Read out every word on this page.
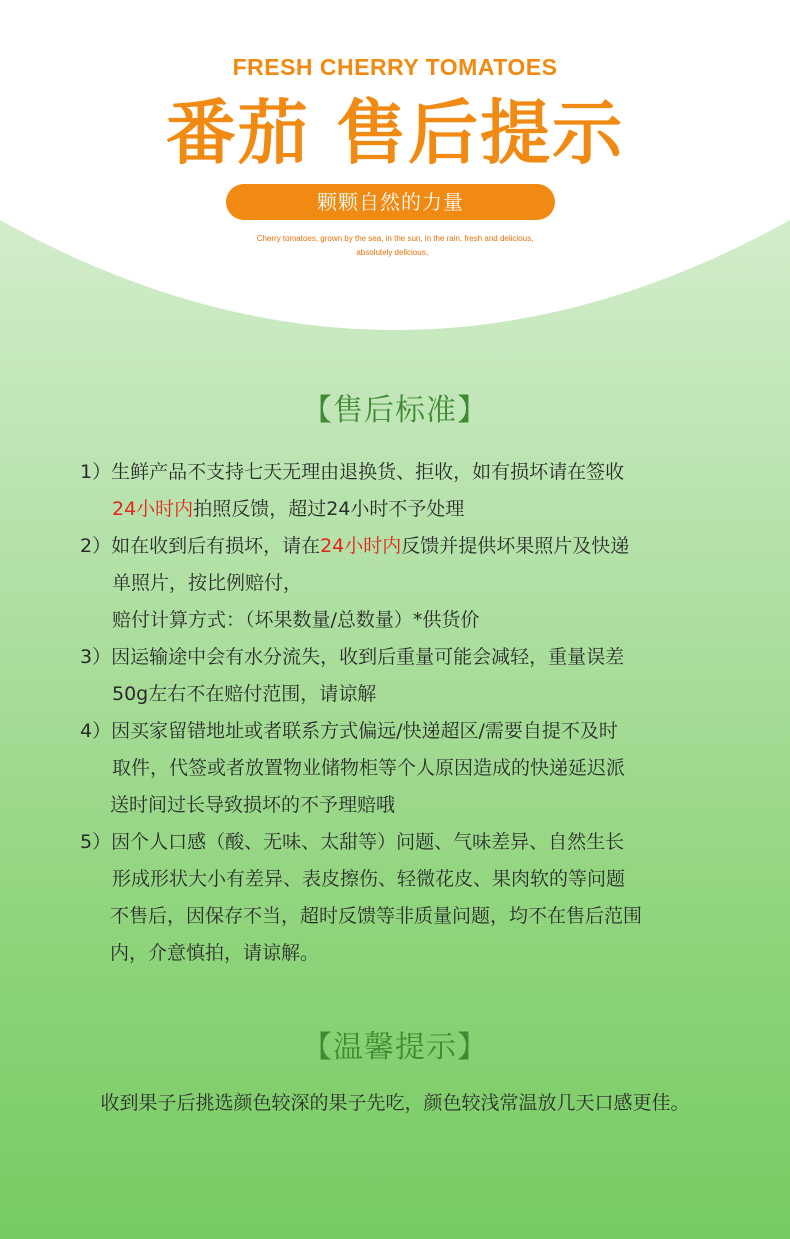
FRESH CHERRY TOMATOES
番茄 售后提示
颗颗自然的力量
Cherry tomatoes, grown by the sea, in the sun, in the rain, fresh and delicious,
absolutely delicious。
【售后标准】
1）生鲜产品不支持七天无理由退换货、拒收，如有损坏请在签收
24小时内拍照反馈，超过24小时不予处理
2）如在收到后有损坏，请在24小时内反馈并提供坏果照片及快递
单照片，按比例赔付，
赔付计算方式：（坏果数量/总数量）*供货价
3）因运输途中会有水分流失，收到后重量可能会减轻，重量误差
50g左右不在赔付范围，请谅解
4）因买家留错地址或者联系方式偏远/快递超区/需要自提不及时
取件，代签或者放置物业储物柜等个人原因造成的快递延迟派
送时间过长导致损坏的不予理赔哦
5）因个人口感（酸、无味、太甜等）问题、气味差异、自然生长
形成形状大小有差异、表皮擦伤、轻微花皮、果肉软的等问题
不售后，因保存不当，超时反馈等非质量问题，均不在售后范围
内，介意慎拍，请谅解。
【温馨提示】
收到果子后挑选颜色较深的果子先吃，颜色较浅常温放几天口感更佳。
